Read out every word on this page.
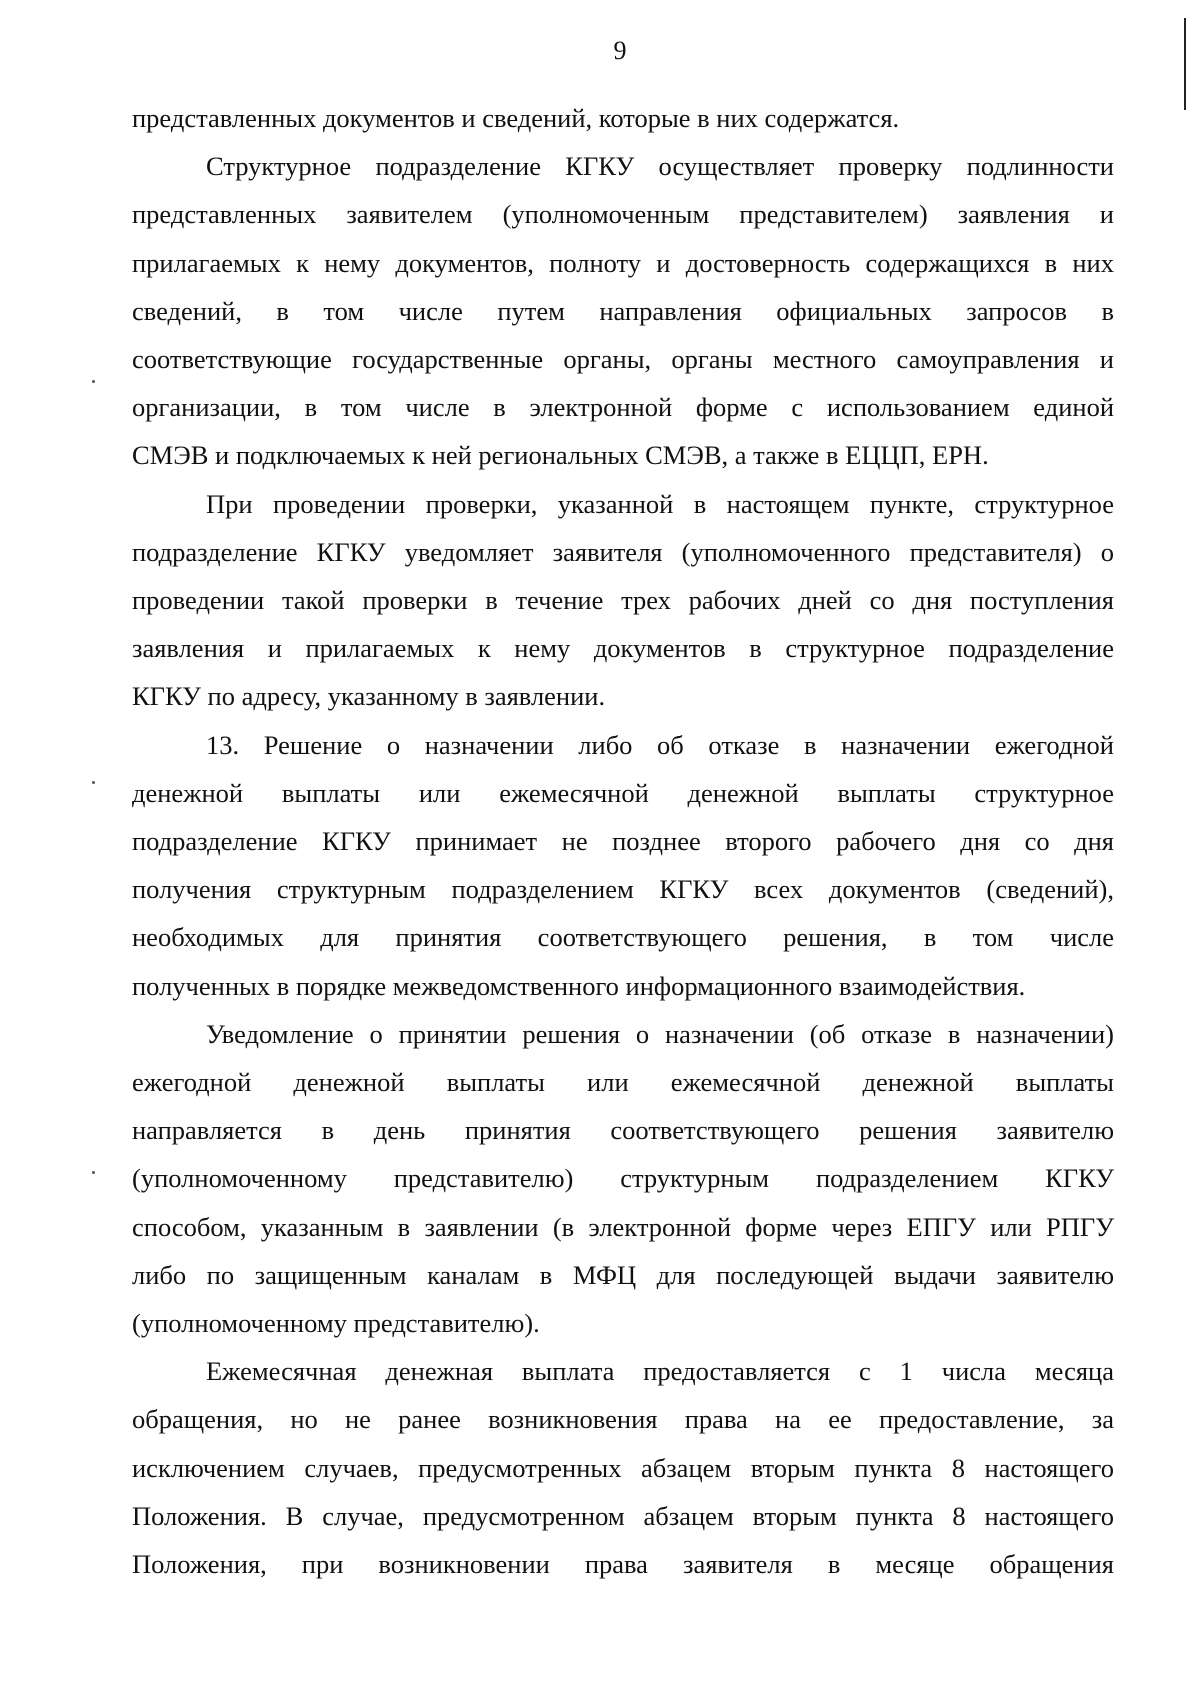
9
представленных документов и сведений, которые в них содержатся.
Структурное подразделение КГКУ осуществляет проверку подлинности
представленных заявителем (уполномоченным представителем) заявления и
прилагаемых к нему документов, полноту и достоверность содержащихся в них
сведений, в том числе путем направления официальных запросов в
соответствующие государственные органы, органы местного самоуправления и
организации, в том числе в электронной форме с использованием единой
СМЭВ и подключаемых к ней региональных СМЭВ, а также в ЕЦЦП, ЕРН.
При проведении проверки, указанной в настоящем пункте, структурное
подразделение КГКУ уведомляет заявителя (уполномоченного представителя) о
проведении такой проверки в течение трех рабочих дней со дня поступления
заявления и прилагаемых к нему документов в структурное подразделение
КГКУ по адресу, указанному в заявлении.
13. Решение о назначении либо об отказе в назначении ежегодной
денежной выплаты или ежемесячной денежной выплаты структурное
подразделение КГКУ принимает не позднее второго рабочего дня со дня
получения структурным подразделением КГКУ всех документов (сведений),
необходимых для принятия соответствующего решения, в том числе
полученных в порядке межведомственного информационного взаимодействия.
Уведомление о принятии решения о назначении (об отказе в назначении)
ежегодной денежной выплаты или ежемесячной денежной выплаты
направляется в день принятия соответствующего решения заявителю
(уполномоченному представителю) структурным подразделением КГКУ
способом, указанным в заявлении (в электронной форме через ЕПГУ или РПГУ
либо по защищенным каналам в МФЦ для последующей выдачи заявителю
(уполномоченному представителю).
Ежемесячная денежная выплата предоставляется с 1 числа месяца
обращения, но не ранее возникновения права на ее предоставление, за
исключением случаев, предусмотренных абзацем вторым пункта 8 настоящего
Положения. В случае, предусмотренном абзацем вторым пункта 8 настоящего
Положения, при возникновении права заявителя в месяце обращения
